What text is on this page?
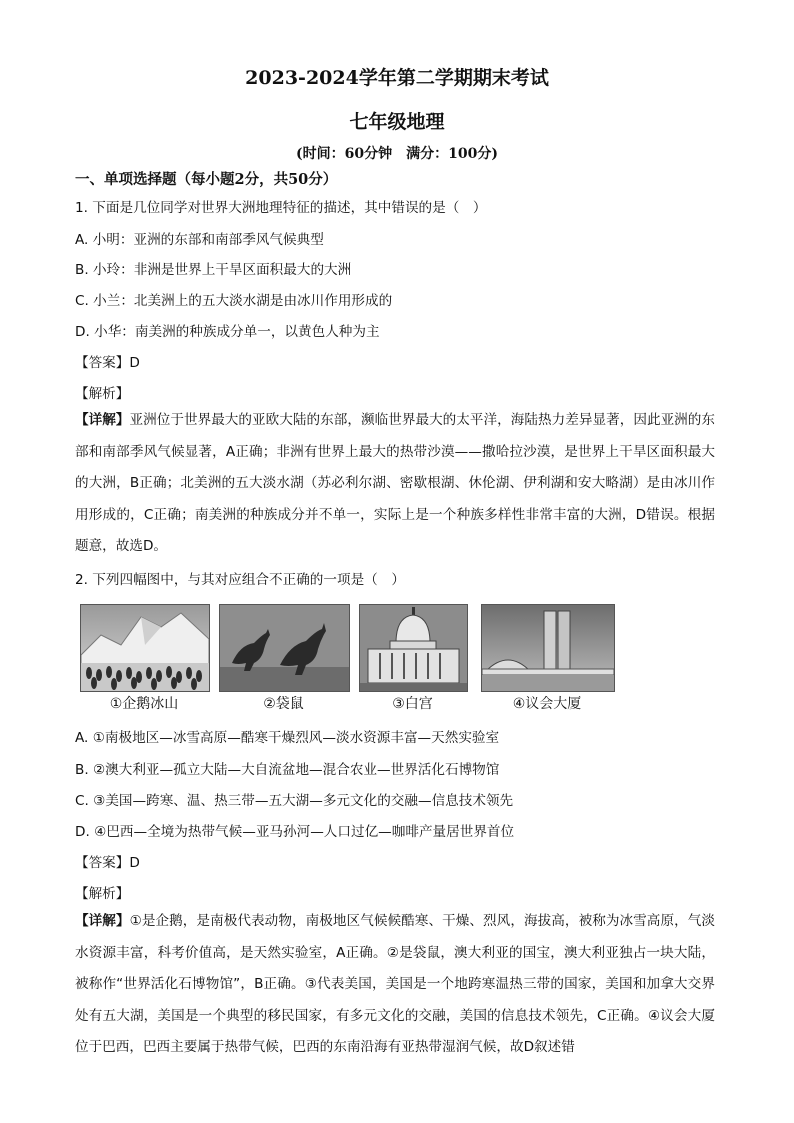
2023-2024学年第二学期期末考试
七年级地理
(时间：60分钟　满分：100分)
一、单项选择题（每小题2分，共50分）
1. 下面是几位同学对世界大洲地理特征的描述，其中错误的是（　）
A. 小明：亚洲的东部和南部季风气候典型
B. 小玲：非洲是世界上干旱区面积最大的大洲
C. 小兰：北美洲上的五大淡水湖是由冰川作用形成的
D. 小华：南美洲的种族成分单一，以黄色人种为主
【答案】D
【解析】
【详解】亚洲位于世界最大的亚欧大陆的东部，濒临世界最大的太平洋，海陆热力差异显著，因此亚洲的东部和南部季风气候显著，A正确；非洲有世界上最大的热带沙漠——撒哈拉沙漠，是世界上干旱区面积最大的大洲，B正确；北美洲的五大淡水湖（苏必利尔湖、密歇根湖、休伦湖、伊利湖和安大略湖）是由冰川作用形成的，C正确；南美洲的种族成分并不单一，实际上是一个种族多样性非常丰富的大洲，D错误。根据题意，故选D。
2. 下列四幅图中，与其对应组合不正确的一项是（　）
①企鹅冰山	②袋鼠	③白宫	④议会大厦
A. ①南极地区—冰雪高原—酷寒干燥烈风—淡水资源丰富—天然实验室
B. ②澳大利亚—孤立大陆—大自流盆地—混合农业—世界活化石博物馆
C. ③美国—跨寒、温、热三带—五大湖—多元文化的交融—信息技术领先
D. ④巴西—全境为热带气候—亚马孙河—人口过亿—咖啡产量居世界首位
【答案】D
【解析】
【详解】①是企鹅，是南极代表动物，南极地区气候候酷寒、干燥、烈风，海拔高，被称为冰雪高原，气淡水资源丰富，科考价值高，是天然实验室，A正确。②是袋鼠，澳大利亚的国宝，澳大利亚独占一块大陆，被称作“世界活化石博物馆”，B正确。③代表美国，美国是一个地跨寒温热三带的国家，美国和加拿大交界处有五大湖，美国是一个典型的移民国家，有多元文化的交融，美国的信息技术领先，C正确。④议会大厦位于巴西，巴西主要属于热带气候，巴西的东南沿海有亚热带湿润气候，故D叙述错
